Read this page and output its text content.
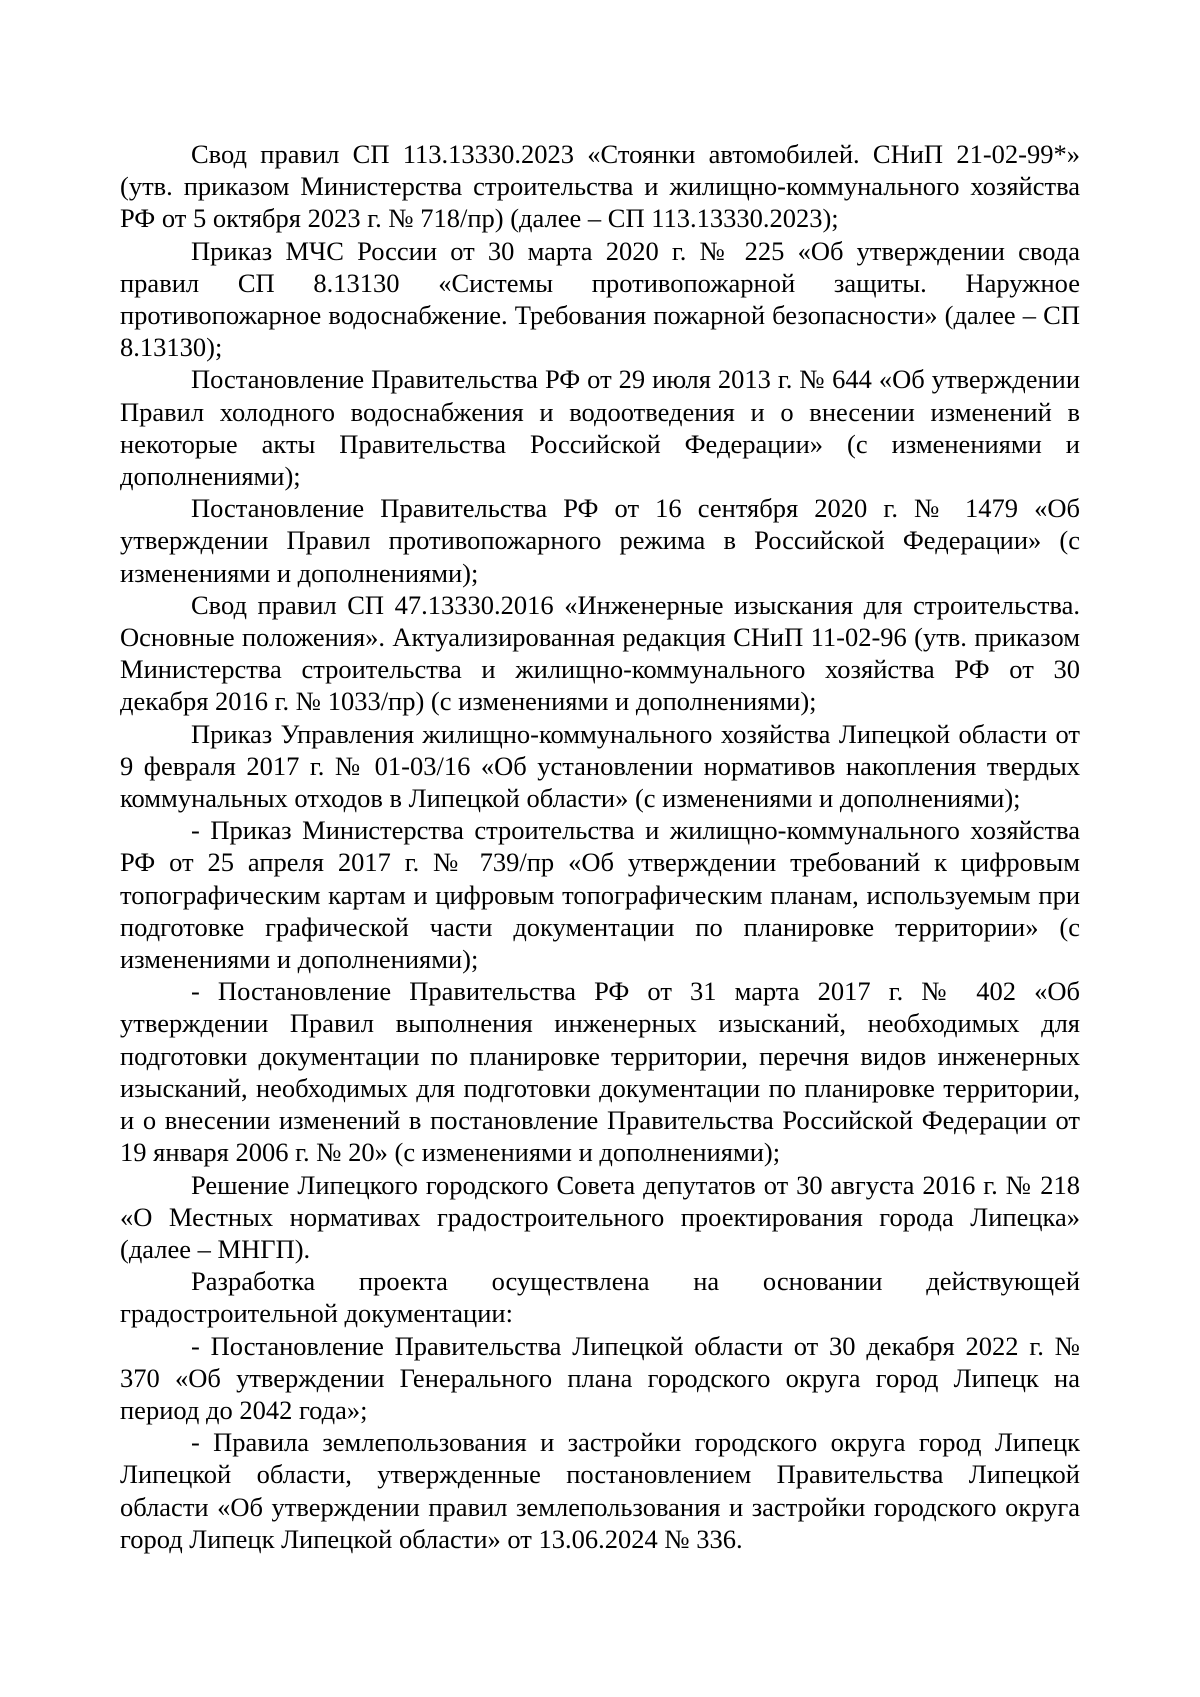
Свод правил СП 113.13330.2023 «Стоянки автомобилей. СНиП 21-02-99*» (утв. приказом Министерства строительства и жилищно-коммунального хозяйства РФ от 5 октября 2023 г. № 718/пр) (далее – СП 113.13330.2023);

Приказ МЧС России от 30 марта 2020 г. № 225 «Об утверждении свода правил СП 8.13130 «Системы противопожарной защиты. Наружное противопожарное водоснабжение. Требования пожарной безопасности» (далее – СП 8.13130);

Постановление Правительства РФ от 29 июля 2013 г. № 644 «Об утверждении Правил холодного водоснабжения и водоотведения и о внесении изменений в некоторые акты Правительства Российской Федерации» (с изменениями и дополнениями);

Постановление Правительства РФ от 16 сентября 2020 г. № 1479 «Об утверждении Правил противопожарного режима в Российской Федерации» (с изменениями и дополнениями);

Свод правил СП 47.13330.2016 «Инженерные изыскания для строительства. Основные положения». Актуализированная редакция СНиП 11-02-96 (утв. приказом Министерства строительства и жилищно-коммунального хозяйства РФ от 30 декабря 2016 г. № 1033/пр) (с изменениями и дополнениями);

Приказ Управления жилищно-коммунального хозяйства Липецкой области от 9 февраля 2017 г. № 01-03/16 «Об установлении нормативов накопления твердых коммунальных отходов в Липецкой области» (с изменениями и дополнениями);

- Приказ Министерства строительства и жилищно-коммунального хозяйства РФ от 25 апреля 2017 г. № 739/пр «Об утверждении требований к цифровым топографическим картам и цифровым топографическим планам, используемым при подготовке графической части документации по планировке территории» (с изменениями и дополнениями);

- Постановление Правительства РФ от 31 марта 2017 г. № 402 «Об утверждении Правил выполнения инженерных изысканий, необходимых для подготовки документации по планировке территории, перечня видов инженерных изысканий, необходимых для подготовки документации по планировке территории, и о внесении изменений в постановление Правительства Российской Федерации от 19 января 2006 г. № 20» (с изменениями и дополнениями);

Решение Липецкого городского Совета депутатов от 30 августа 2016 г. № 218 «О Местных нормативах градостроительного проектирования города Липецка» (далее – МНГП).

Разработка проекта осуществлена на основании действующей градостроительной документации:

- Постановление Правительства Липецкой области от 30 декабря 2022 г. № 370 «Об утверждении Генерального плана городского округа город Липецк на период до 2042 года»;

- Правила землепользования и застройки городского округа город Липецк Липецкой области, утвержденные постановлением Правительства Липецкой области «Об утверждении правил землепользования и застройки городского округа город Липецк Липецкой области» от 13.06.2024 № 336.
